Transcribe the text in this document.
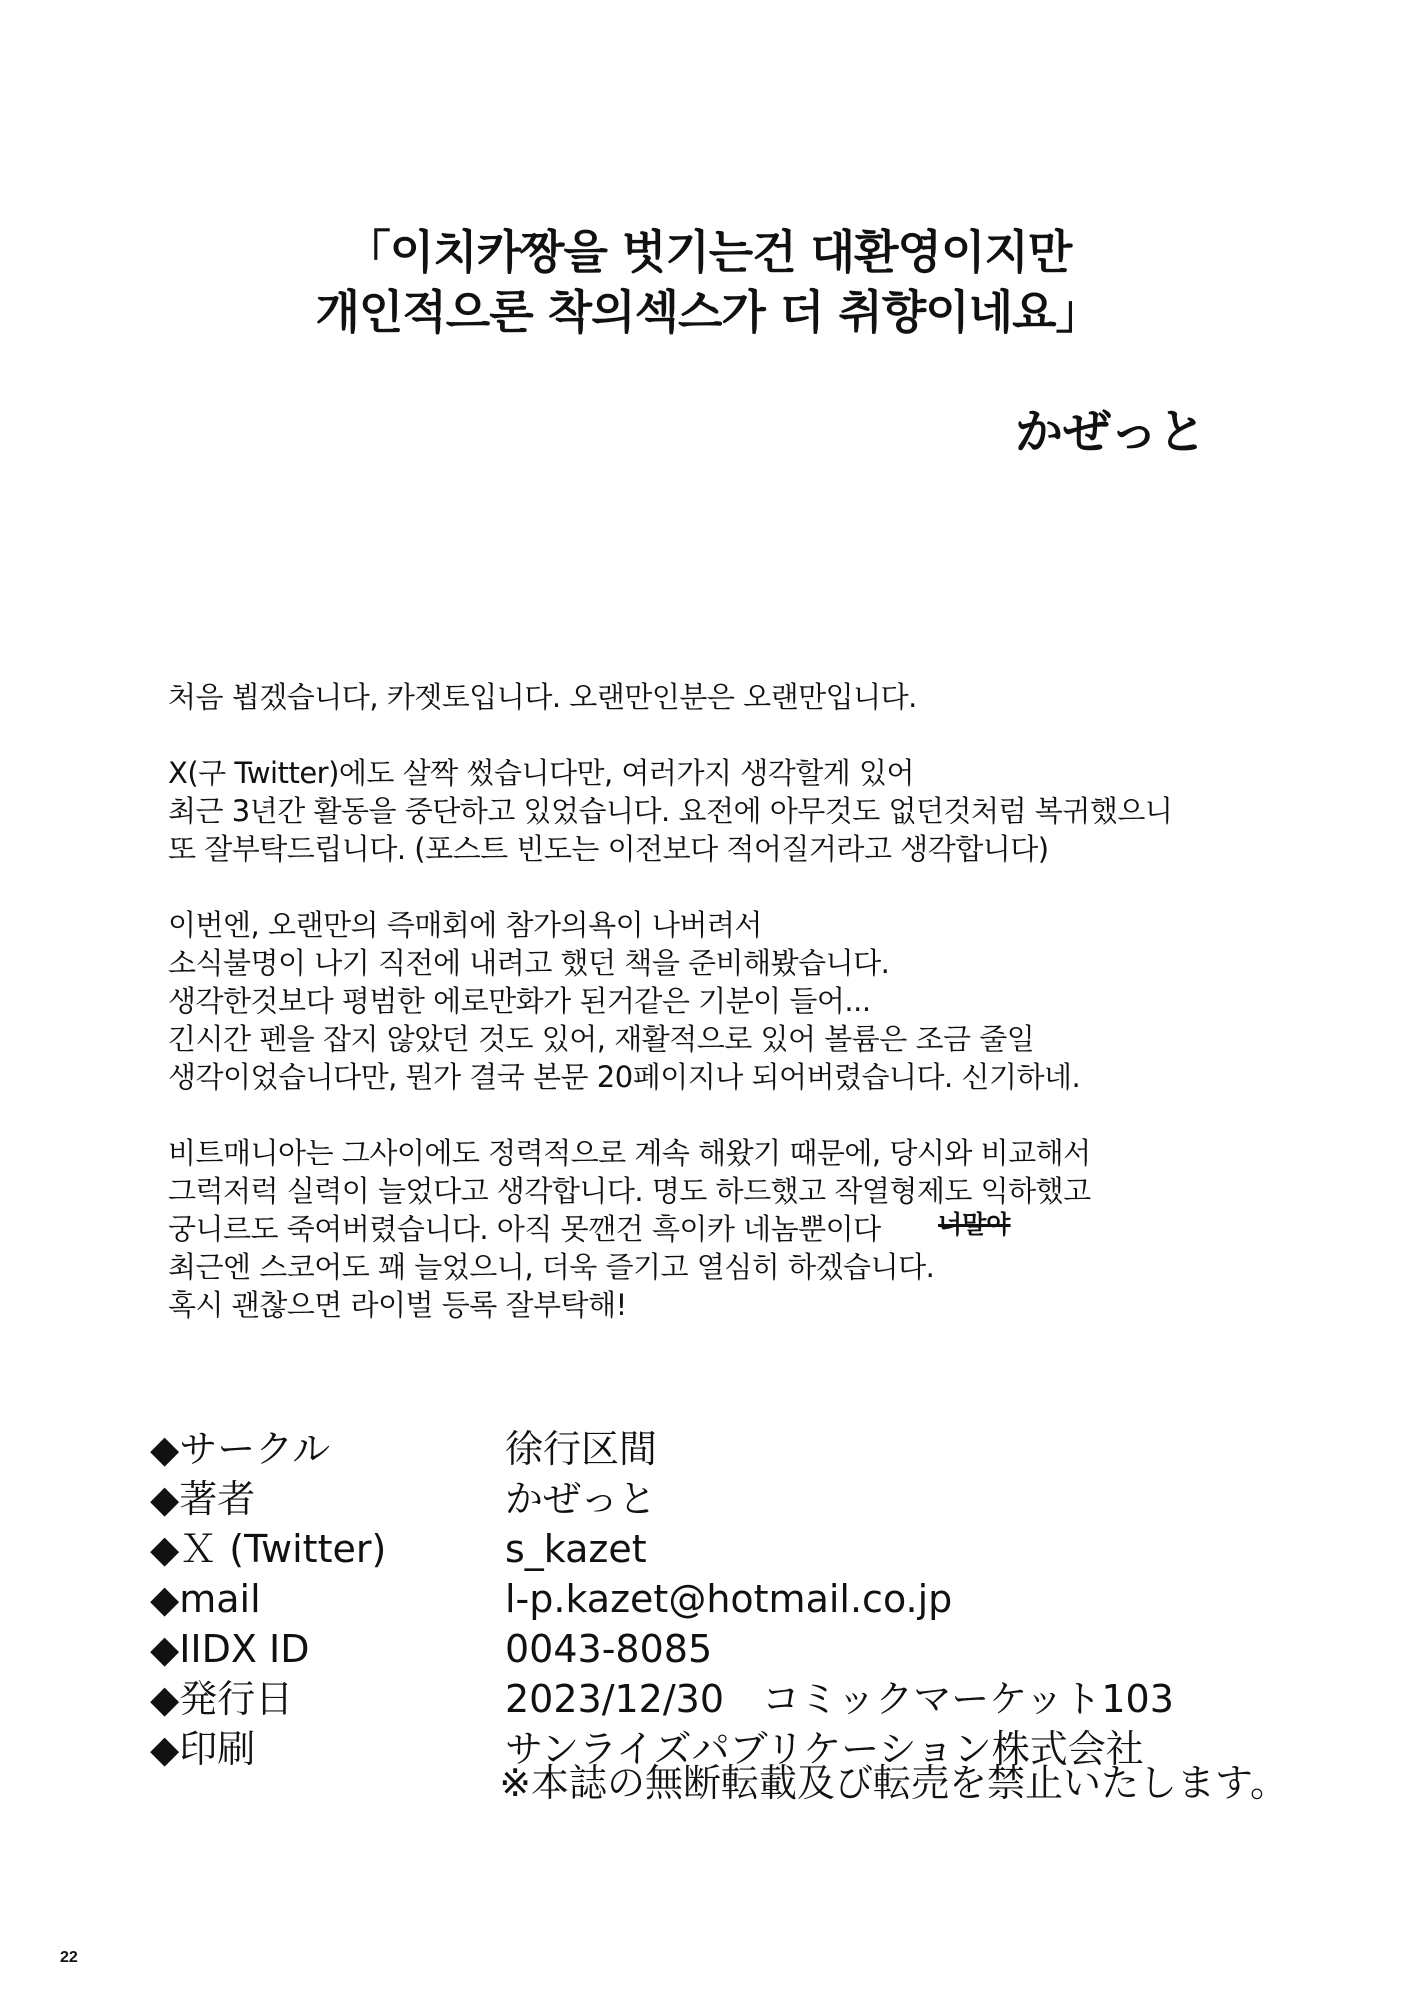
「이치카짱을 벗기는건 대환영이지만
개인적으론 착의섹스가 더 취향이네요」
かぜっと
처음 뵙겠습니다, 카젯토입니다. 오랜만인분은 오랜만입니다.
X(구 Twitter)에도 살짝 썼습니다만, 여러가지 생각할게 있어
최근 3년간 활동을 중단하고 있었습니다. 요전에 아무것도 없던것처럼 복귀했으니
또 잘부탁드립니다. (포스트 빈도는 이전보다 적어질거라고 생각합니다)
이번엔, 오랜만의 즉매회에 참가의욕이 나버려서
소식불명이 나기 직전에 내려고 했던 책을 준비해봤습니다.
생각한것보다 평범한 에로만화가 된거같은 기분이 들어...
긴시간 펜을 잡지 않았던 것도 있어, 재활적으로 있어 볼륨은 조금 줄일
생각이었습니다만, 뭔가 결국 본문 20페이지나 되어버렸습니다. 신기하네.
비트매니아는 그사이에도 정력적으로 계속 해왔기 때문에, 당시와 비교해서
그럭저럭 실력이 늘었다고 생각합니다. 명도 하드했고 작열형제도 익하했고
궁니르도 죽여버렸습니다. 아직 못깬건 흑이카 네놈뿐이다
최근엔 스코어도 꽤 늘었으니, 더욱 즐기고 열심히 하겠습니다.
혹시 괜찮으면 라이벌 등록 잘부탁해!
너말야
◆サークル	徐行区間
◆著者	かぜっと
◆Ｘ (Twitter)	s_kazet
◆mail	l-p.kazet@hotmail.co.jp
◆IIDX ID	0043-8085
◆発行日	2023/12/30　コミックマーケット103
◆印刷	サンライズパブリケーション株式会社
※本誌の無断転載及び転売を禁止いたします。
22
